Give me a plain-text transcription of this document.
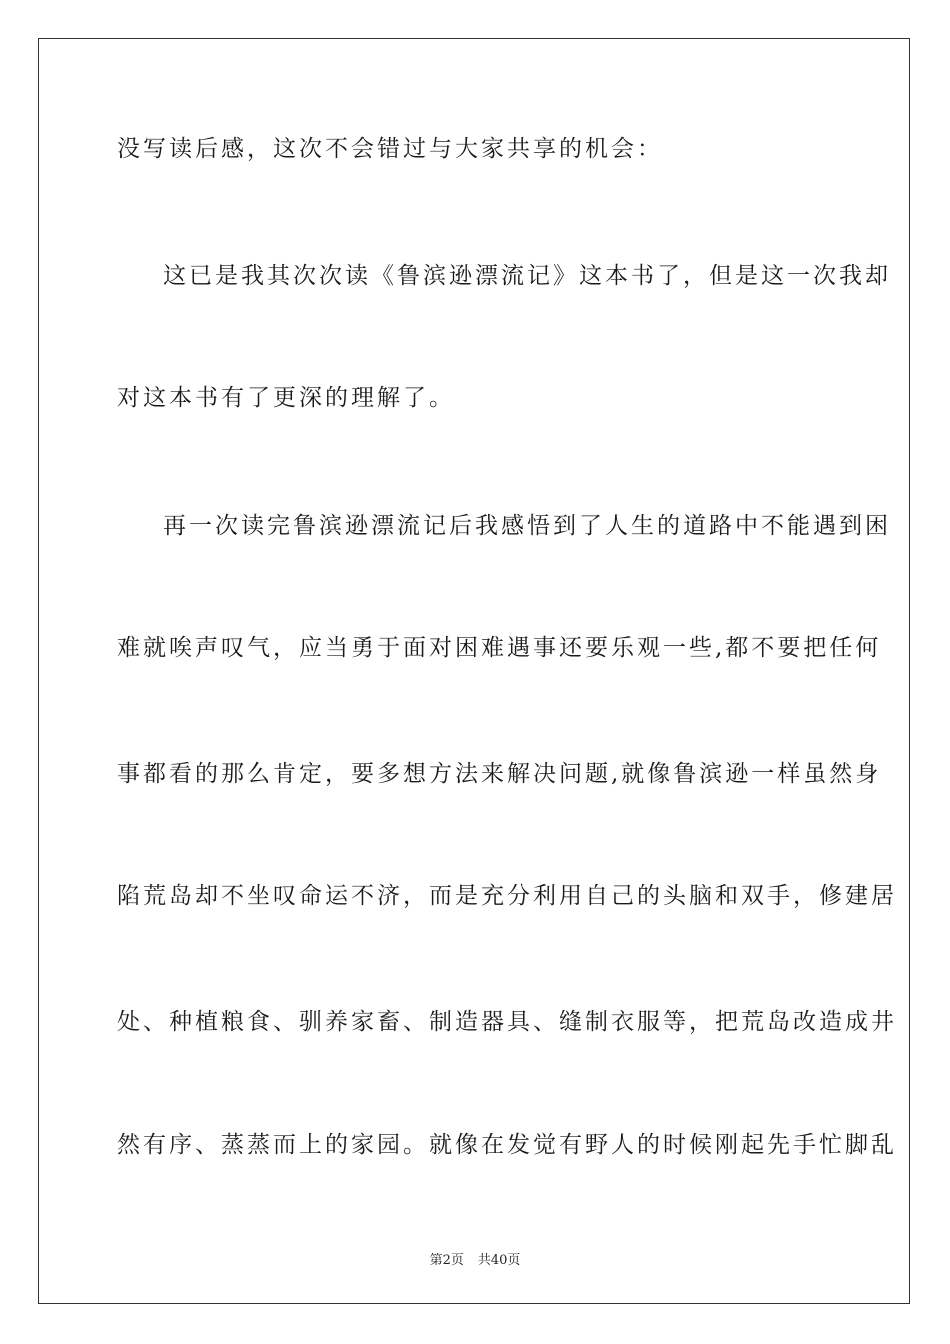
没写读后感，这次不会错过与大家共享的机会：
这已是我其次次读《鲁滨逊漂流记》这本书了，但是这一次我却
对这本书有了更深的理解了。
再一次读完鲁滨逊漂流记后我感悟到了人生的道路中不能遇到困
难就唉声叹气，应当勇于面对困难遇事还要乐观一些,都不要把任何
事都看的那么肯定，要多想方法来解决问题,就像鲁滨逊一样虽然身
陷荒岛却不坐叹命运不济，而是充分利用自己的头脑和双手，修建居
处、种植粮食、驯养家畜、制造器具、缝制衣服等，把荒岛改造成井
然有序、蒸蒸而上的家园。就像在发觉有野人的时候刚起先手忙脚乱
第2页 共40页
